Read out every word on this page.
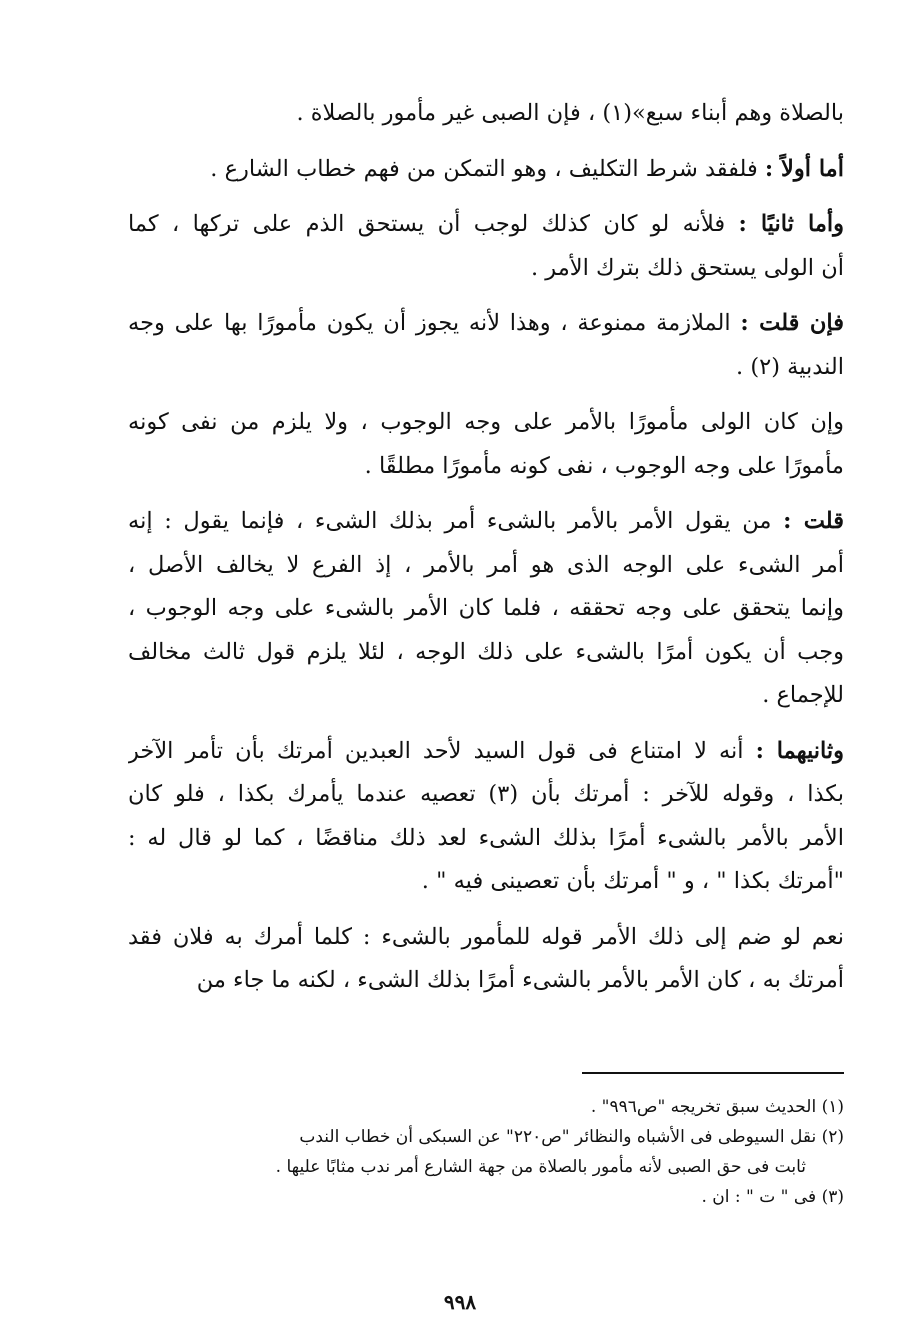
بالصلاة وهم أبناء سبع»(١) ، فإن الصبى غير مأمور بالصلاة .
أما أولاً : فلفقد شرط التكليف ، وهو التمكن من فهم خطاب الشارع .
وأما ثانيًا : فلأنه لو كان كذلك لوجب أن يستحق الذم على تركها ، كما
أن الولى يستحق ذلك بترك الأمر .
فإن قلت : الملازمة ممنوعة ، وهذا لأنه يجوز أن يكون مأمورًا بها على وجه
الندبية (٢) .
وإن كان الولى مأمورًا بالأمر على وجه الوجوب ، ولا يلزم من نفى كونه
مأمورًا على وجه الوجوب ، نفى كونه مأمورًا مطلقًا .
قلت : من يقول الأمر بالأمر بالشىء أمر بذلك الشىء ، فإنما يقول : إنه
أمر الشىء على الوجه الذى هو أمر بالأمر ، إذ الفرع لا يخالف الأصل ،
وإنما يتحقق على وجه تحققه ، فلما كان الأمر بالشىء على وجه الوجوب ،
وجب أن يكون أمرًا بالشىء على ذلك الوجه ، لئلا يلزم قول ثالث مخالف
للإجماع .
وثانيهما : أنه لا امتناع فى قول السيد لأحد العبدين أمرتك بأن تأمر الآخر
بكذا ، وقوله للآخر : أمرتك بأن (٣) تعصيه عندما يأمرك بكذا ، فلو كان
الأمر بالأمر بالشىء أمرًا بذلك الشىء لعد ذلك مناقضًا ، كما لو قال له :
"أمرتك بكذا " ، و " أمرتك بأن تعصينى فيه " .
نعم لو ضم إلى ذلك الأمر قوله للمأمور بالشىء : كلما أمرك به فلان فقد
أمرتك به ، كان الأمر بالأمر بالشىء أمرًا بذلك الشىء ، لكنه ما جاء من
(١) الحديث سبق تخريجه "ص٩٩٦" .
(٢) نقل السيوطى فى الأشباه والنظائر "ص٢٢٠" عن السبكى أن خطاب الندب
ثابت فى حق الصبى لأنه مأمور بالصلاة من جهة الشارع أمر ندب مثابًا عليها .
(٣) فى " ت " : ان .
٩٩٨
